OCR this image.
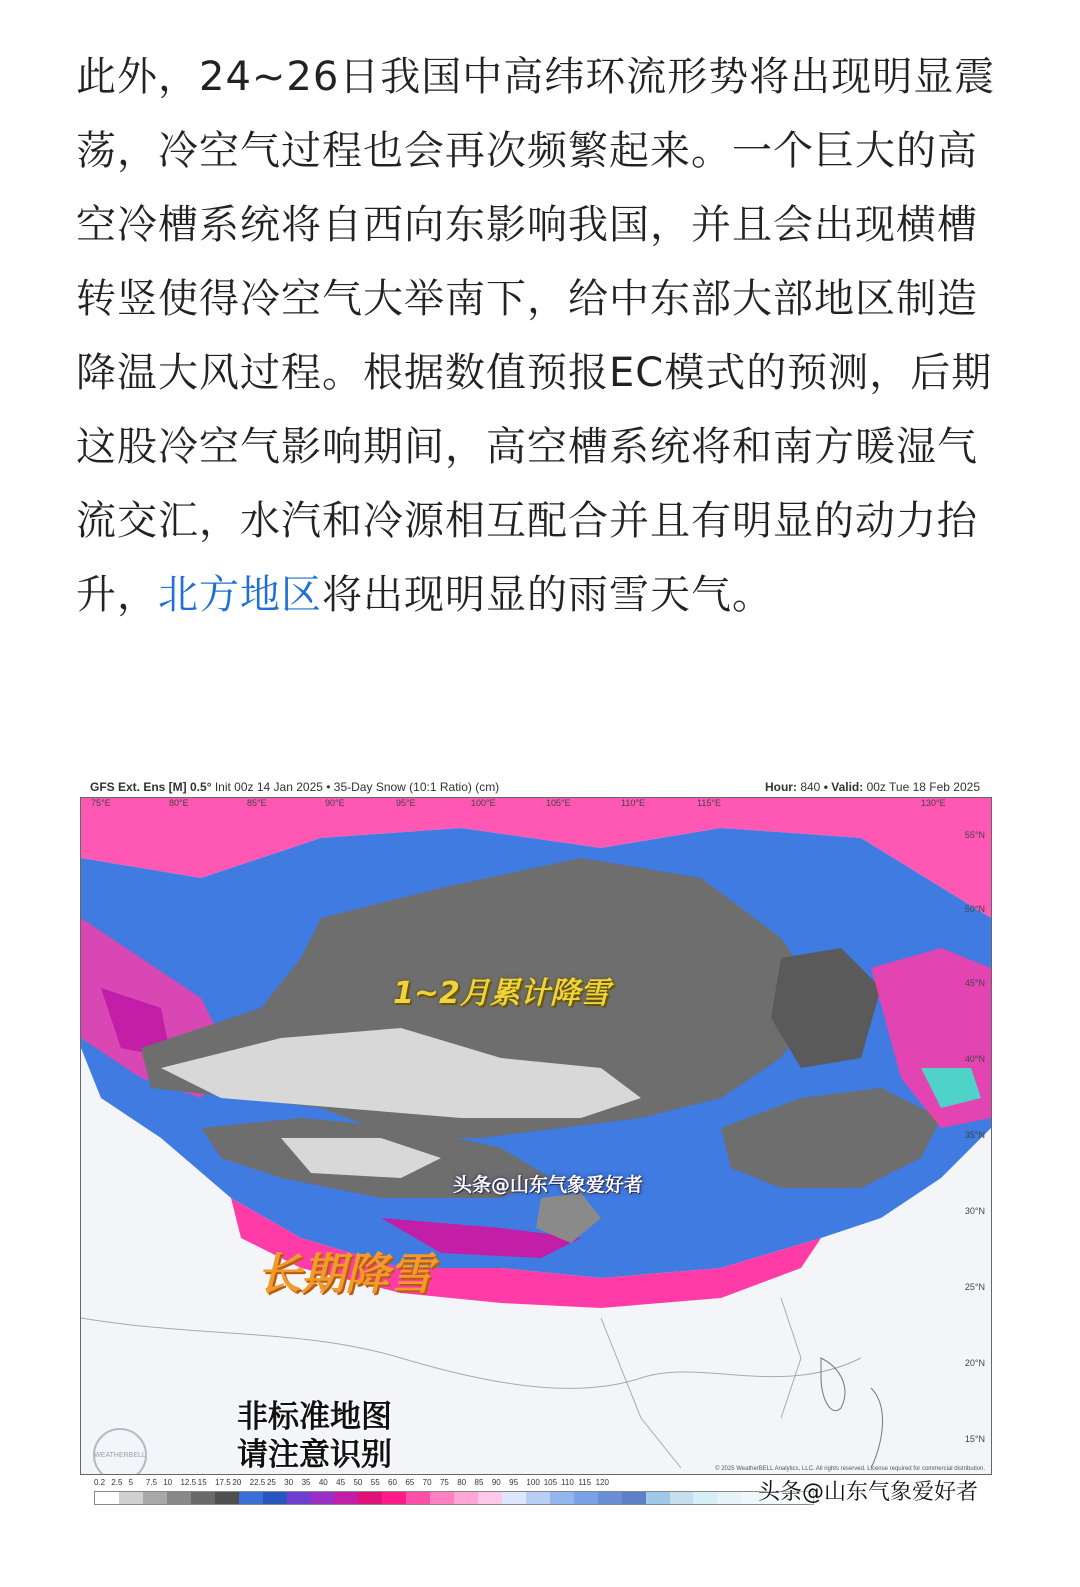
此外，24~26日我国中高纬环流形势将出现明显震荡，冷空气过程也会再次频繁起来。一个巨大的高空冷槽系统将自西向东影响我国，并且会出现横槽转竖使得冷空气大举南下，给中东部大部地区制造降温大风过程。根据数值预报EC模式的预测，后期这股冷空气影响期间，高空槽系统将和南方暖湿气流交汇，水汽和冷源相互配合并且有明显的动力抬升，北方地区将出现明显的雨雪天气。

GFS Ext. Ens [M] 0.5° Init 00z 14 Jan 2025 • 35-Day Snow (10:1 Ratio) (cm)	Hour: 840 • Valid: 00z Tue 18 Feb 2025
75°E	80°E	85°E	90°E	95°E	100°E	105°E	110°E	115°E	130°E
55°N
50°N
45°N
40°N
35°N
30°N
25°N
20°N
15°N
1~2月累计降雪
头条@山东气象爱好者
长期降雪
非标准地图
请注意识别
WEATHERBELL
© 2025 WeatherBELL Analytics, LLC. All rights reserved. License required for commercial distribution.
0.2 2.5 5	7.5 10	12.5 15	17.5 20	22.5 25	30	35	40	45	50	55	60	65	70	75	80	85	90	95	100 105 110 115 120	头条@山东气象爱好者
